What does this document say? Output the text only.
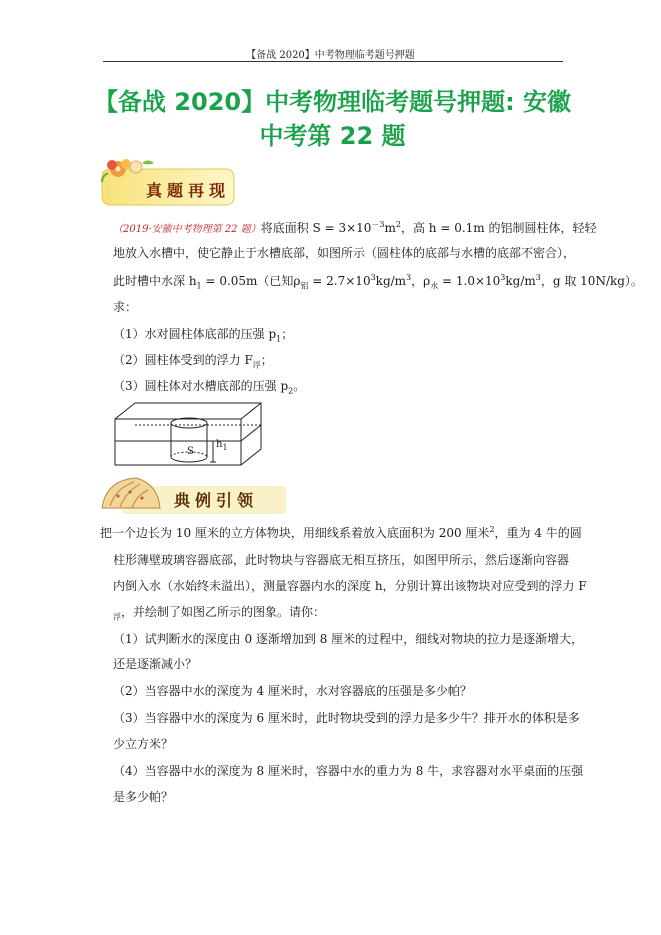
【备战 2020】中考物理临考题号押题
【备战 2020】中考物理临考题号押题: 安徽
中考第 22 题
真题再现
（2019·安徽中考物理第 22 题）将底面积 $S = 3\times 10^{-3}m^2$，高 h = 0.1m 的铝制圆柱体，轻轻
地放入水槽中，使它静止于水槽底部，如图所示（圆柱体的底部与水槽的底部不密合），
此时槽中水深 $h_1 = 0.05m$（已知$\rho_铝 = 2.7\times 10^3kg/m^3$，$\rho_水 = 1.0\times 10^3kg/m^3$，g 取 10N/kg）。
求：
（1）水对圆柱体底部的压强 $p_1$；
（2）圆柱体受到的浮力 $F_浮$；
（3）圆柱体对水槽底部的压强 $p_2$。
S
$h_1$
典例引领
把一个边长为 10 厘米的立方体物块，用细线系着放入底面积为 200 厘米$^2$，重为 4 牛的圆
柱形薄壁玻璃容器底部，此时物块与容器底无相互挤压，如图甲所示，然后逐渐向容器
内倒入水（水始终未溢出），测量容器内水的深度 h，分别计算出该物块对应受到的浮力 F
$_浮$，并绘制了如图乙所示的图象。请你：
（1）试判断水的深度由 0 逐渐增加到 8 厘米的过程中，细线对物块的拉力是逐渐增大，
还是逐渐减小？
（2）当容器中水的深度为 4 厘米时，水对容器底的压强是多少帕？
（3）当容器中水的深度为 6 厘米时，此时物块受到的浮力是多少牛？排开水的体积是多
少立方米？
（4）当容器中水的深度为 8 厘米时，容器中水的重力为 8 牛，求容器对水平桌面的压强
是多少帕？
